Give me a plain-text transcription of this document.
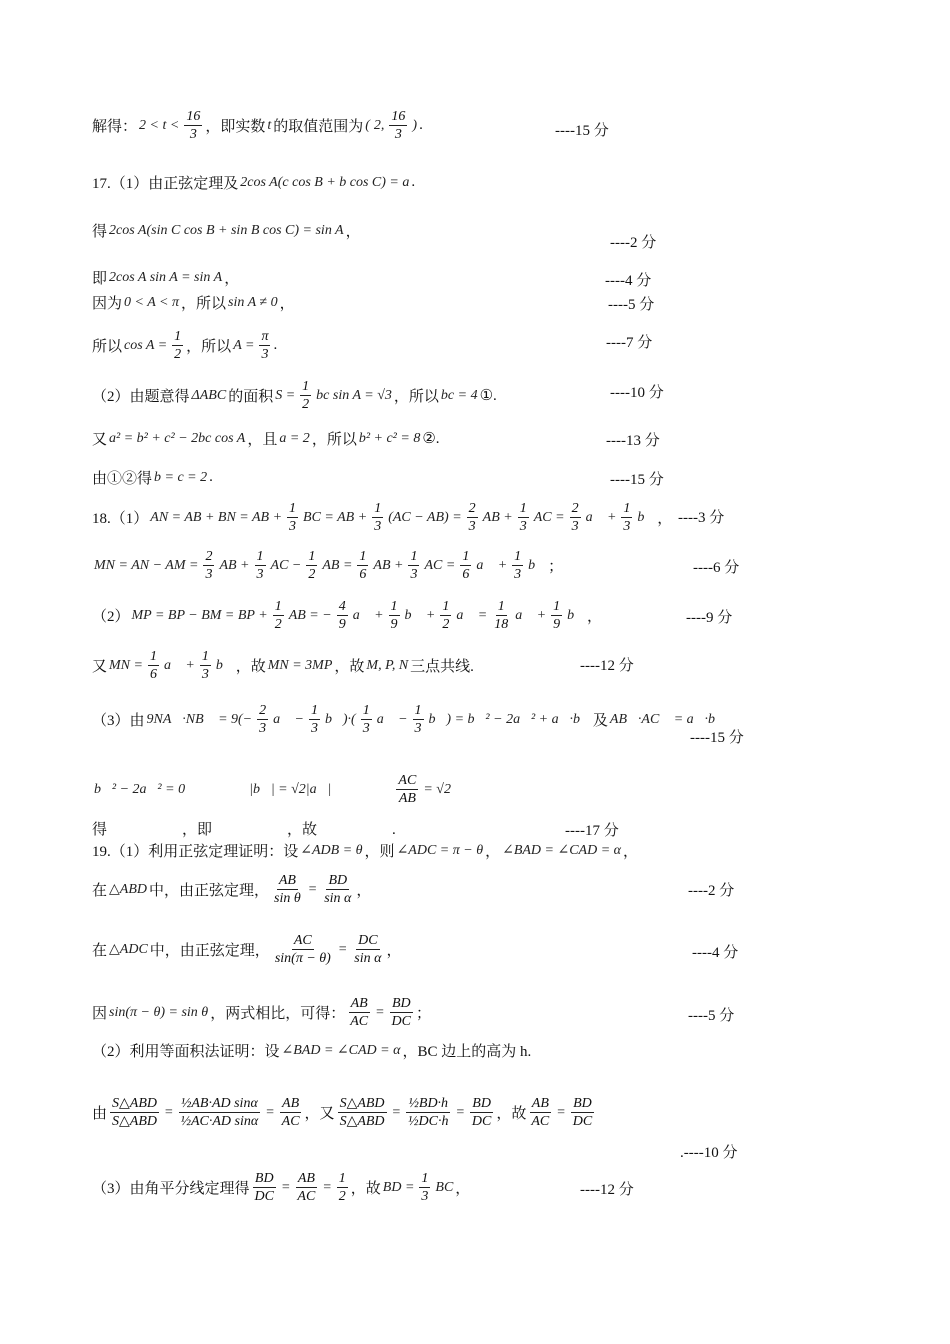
解得： $2 < t < \frac{16}{3}$ ，即实数 t 的取值范围为 ( 2, $\frac{16}{3}$ ) .	----15 分
17.（1）由正弦定理及 2cos A(c cos B + b cos C) = a .
得 2cos A(sin C cos B + sin B cos C) = sin A ，
----2 分
即 2cos A sin A = sin A ，	----4 分
因为 0 < A < π ，所以 sin A ≠ 0 ，	----5 分
所以 $\cos A = \frac{1}{2}$ ，所以 $A = \frac{\pi}{3}$ .	----7 分
（2）由题意得 ΔABC 的面积 $S = \frac{1}{2}$ bc sin A = √3 ，所以 bc = 4 ①.	----10 分
又 a² = b² + c² − 2bc cos A ，且 a = 2 ，所以 b² + c² = 8 ②.	----13 分
由①②得 b = c = 2 .	----15 分
18.（1） AN = AB + BN = AB + $\frac{1}{3}$ BC = AB + $\frac{1}{3} (AC - AB) = \frac{2}{3}$ AB + $\frac{1}{3}$ AC = $\frac{2}{3}$ a⃗ + $\frac{1}{3}$ b⃗ ， ----3 分
MN = AN − AM = $\frac{2}{3}$ AB + $\frac{1}{3}$ AC − $\frac{1}{2}$ AB = $\frac{1}{6}$ AB + $\frac{1}{3}$ AC = $\frac{1}{6}$ a⃗ + $\frac{1}{3}$ b⃗ ；	----6 分
（2） MP = BP − BM = BP + $\frac{1}{2}$ AB = − $\frac{4}{9}$ a⃗ + $\frac{1}{9}$ b⃗ + $\frac{1}{2}$ a⃗ = $\frac{1}{18}$ a⃗ + $\frac{1}{9}$ b⃗ ，	----9 分
又 MN = $\frac{1}{6}$ a⃗ + $\frac{1}{3}$ b⃗ ，故 MN = 3MP ，故 M, P, N 三点共线.	----12 分
（3）由 9NA⃗·NB⃗ = $9(- \frac{2}{3}$ a⃗ − $\frac{1}{3}$ b⃗)·( $\frac{1}{3}$ a⃗ − $\frac{1}{3}$ b⃗) = b⃗² − 2a⃗² + a⃗·b⃗ 及 AB⃗·AC⃗ = a⃗·b⃗
----15 分
b⃗² − 2a⃗² = 0
　　　　	|b⃗| = √2|a⃗|
　　　　	$\frac{AC}{AB} = √2$
得　　　　　，即　　　　　，故　　　　　.	----17 分
19.（1）利用正弦定理证明：设 ∠ADB = θ ，则 ∠ADC = π − θ ， ∠BAD = ∠CAD = α ，
在 △ABD 中，由正弦定理， $\frac{AB}{\text{sin θ}} = \frac{BD}{\text{sin α}}$ ，	----2 分
在 △ADC 中，由正弦定理， $\frac{AC}{\sin(\pi - \theta)} = \frac{DC}{\text{sin α}}$ ，	----4 分
因 sin(π − θ) = sin θ ，两式相比，可得： $\frac{AB}{AC} = \frac{BD}{DC}$ ；	----5 分
（2）利用等面积法证明：设 ∠BAD = ∠CAD = α ，BC 边上的高为 h.
由
S△ABD
S△ABD
= $\frac{\text{½AB·AD sinα}}{\text{½AC·AD sinα}} = \frac{AB}{AC}$ ，又
S△ABD
S△ABD
= $\frac{\text{½BD·h}}{\text{½DC·h}} = \frac{BD}{DC}$ ，故 $\frac{AB}{AC} = \frac{BD}{DC}$
.----10 分
（3）由角平分线定理得 $\frac{BD}{DC} = \frac{AB}{AC} = \frac{1}{2}$ ，故 BD = $\frac{1}{3}$ BC ，	----12 分
